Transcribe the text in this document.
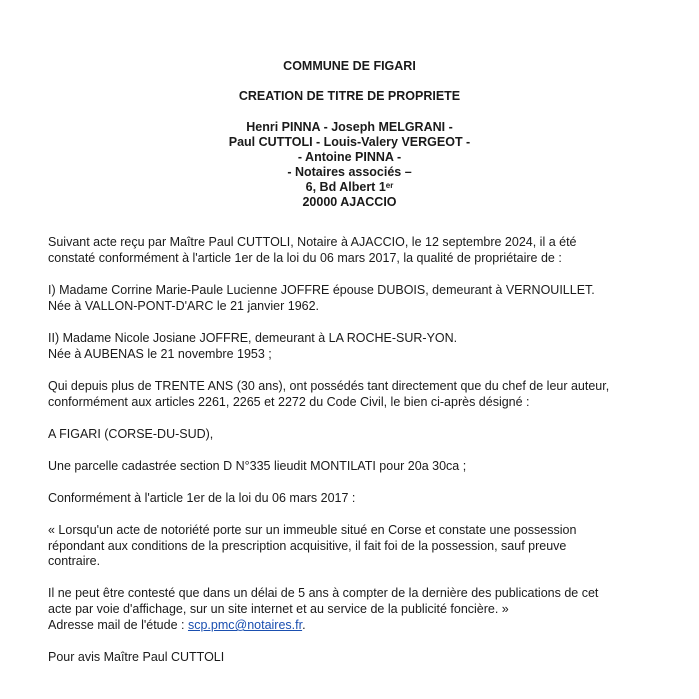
COMMUNE DE FIGARI
CREATION DE TITRE DE PROPRIETE
Henri PINNA - Joseph MELGRANI -
Paul CUTTOLI - Louis-Valery VERGEOT -
- Antoine PINNA -
- Notaires associés –
6, Bd Albert 1er
20000 AJACCIO
Suivant acte reçu par Maître Paul CUTTOLI, Notaire à AJACCIO, le 12 septembre 2024, il a été
constaté conformément à l'article 1er de la loi du 06 mars 2017, la qualité de propriétaire de :
I) Madame Corrine Marie-Paule Lucienne JOFFRE épouse DUBOIS, demeurant à VERNOUILLET.
Née à VALLON-PONT-D'ARC le 21 janvier 1962.
II) Madame Nicole Josiane JOFFRE, demeurant à LA ROCHE-SUR-YON.
Née à AUBENAS le 21 novembre 1953 ;
Qui depuis plus de TRENTE ANS (30 ans), ont possédés tant directement que du chef de leur auteur,
conformément aux articles 2261, 2265 et 2272 du Code Civil, le bien ci-après désigné :
A FIGARI (CORSE-DU-SUD),
Une parcelle cadastrée section D N°335 lieudit MONTILATI pour 20a 30ca ;
Conformément à l'article 1er de la loi du 06 mars 2017 :
« Lorsqu'un acte de notoriété porte sur un immeuble situé en Corse et constate une possession
répondant aux conditions de la prescription acquisitive, il fait foi de la possession, sauf preuve
contraire.
Il ne peut être contesté que dans un délai de 5 ans à compter de la dernière des publications de cet
acte par voie d'affichage, sur un site internet et au service de la publicité foncière. »
Adresse mail de l'étude : scp.pmc@notaires.fr.
Pour avis Maître Paul CUTTOLI
